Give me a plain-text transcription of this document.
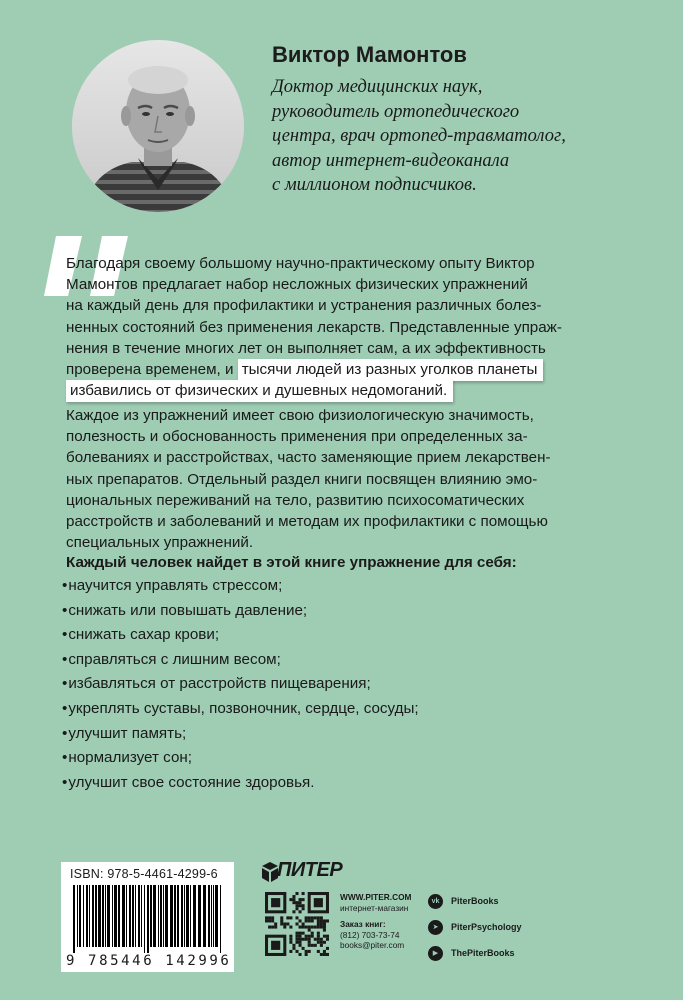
Виктор Мамонтов
Доктор медицинских наук,
руководитель ортопедического
центра, врач ортопед-травматолог,
автор интернет-видеоканала
с миллионом подписчиков.
Благодаря своему большому научно-практическому опыту Виктор
Мамонтов предлагает набор несложных физических упражнений
на каждый день для профилактики и устранения различных болез-
ненных состояний без применения лекарств. Представленные упраж-
нения в течение многих лет он выполняет сам, а их эффективность
проверена временем, и тысячи людей из разных уголков планеты
избавились от физических и душевных недомоганий.
Каждое из упражнений имеет свою физиологическую значимость,
полезность и обоснованность применения при определенных за-
болеваниях и расстройствах, часто заменяющие прием лекарствен-
ных препаратов. Отдельный раздел книги посвящен влиянию эмо-
циональных переживаний на тело, развитию психосоматических
расстройств и заболеваний и методам их профилактики с помощью
специальных упражнений.
Каждый человек найдет в этой книге упражнение для себя:
• научится управлять стрессом;
• снижать или повышать давление;
• снижать сахар крови;
• справляться с лишним весом;
• избавляться от расстройств пищеварения;
• укреплять суставы, позвоночник, сердце, сосуды;
• улучшит память;
• нормализует сон;
• улучшит свое состояние здоровья.
ISBN: 978-5-4461-4299-6
9 785446 142996
ПИТЕР
WWW.PITER.COM
интернет-магазин
Заказ книг:
(812) 703-73-74
books@piter.com
vk	PiterBooks
➤	PiterPsychology
▶	ThePiterBooks
